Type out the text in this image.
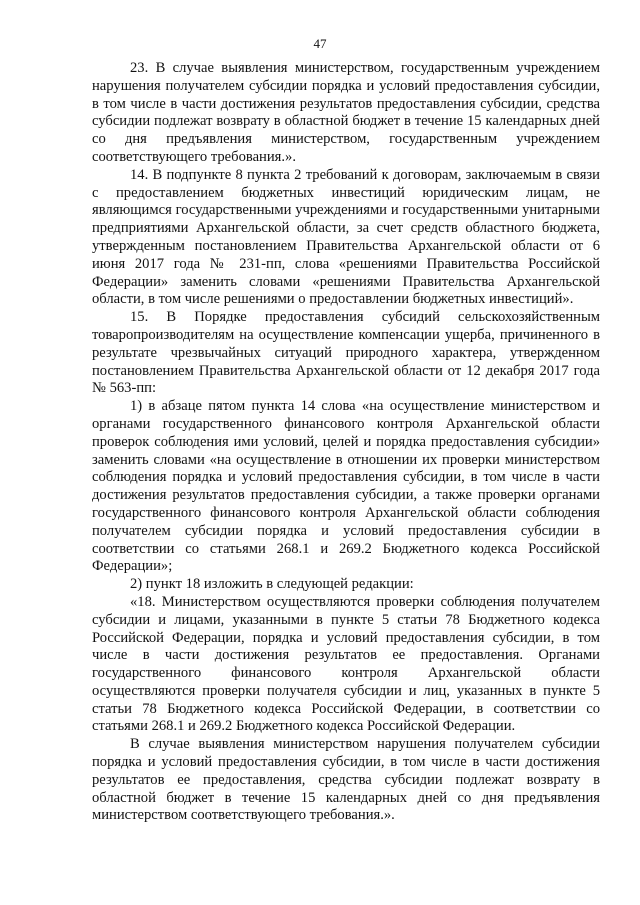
47

23. В случае выявления министерством, государственным учреждением нарушения получателем субсидии порядка и условий предоставления субсидии, в том числе в части достижения результатов предоставления субсидии, средства субсидии подлежат возврату в областной бюджет в течение 15 календарных дней со дня предъявления министерством, государственным учреждением соответствующего требования.».

14. В подпункте 8 пункта 2 требований к договорам, заключаемым в связи с предоставлением бюджетных инвестиций юридическим лицам, не являющимся государственными учреждениями и государственными унитарными предприятиями Архангельской области, за счет средств областного бюджета, утвержденным постановлением Правительства Архангельской области от 6 июня 2017 года № 231-пп, слова «решениями Правительства Российской Федерации» заменить словами «решениями Правительства Архангельской области, в том числе решениями о предоставлении бюджетных инвестиций».

15. В Порядке предоставления субсидий сельскохозяйственным товаропроизводителям на осуществление компенсации ущерба, причиненного в результате чрезвычайных ситуаций природного характера, утвержденном постановлением Правительства Архангельской области от 12 декабря 2017 года № 563-пп:

1) в абзаце пятом пункта 14 слова «на осуществление министерством и органами государственного финансового контроля Архангельской области проверок соблюдения ими условий, целей и порядка предоставления субсидии» заменить словами «на осуществление в отношении их проверки министерством соблюдения порядка и условий предоставления субсидии, в том числе в части достижения результатов предоставления субсидии, а также проверки органами государственного финансового контроля Архангельской области соблюдения получателем субсидии порядка и условий предоставления субсидии в соответствии со статьями 268.1 и 269.2 Бюджетного кодекса Российской Федерации»;

2) пункт 18 изложить в следующей редакции:

«18. Министерством осуществляются проверки соблюдения получателем субсидии и лицами, указанными в пункте 5 статьи 78 Бюджетного кодекса Российской Федерации, порядка и условий предоставления субсидии, в том числе в части достижения результатов ее предоставления. Органами государственного финансового контроля Архангельской области осуществляются проверки получателя субсидии и лиц, указанных в пункте 5 статьи 78 Бюджетного кодекса Российской Федерации, в соответствии со статьями 268.1 и 269.2 Бюджетного кодекса Российской Федерации.

В случае выявления министерством нарушения получателем субсидии порядка и условий предоставления субсидии, в том числе в части достижения результатов ее предоставления, средства субсидии подлежат возврату в областной бюджет в течение 15 календарных дней со дня предъявления министерством соответствующего требования.».
